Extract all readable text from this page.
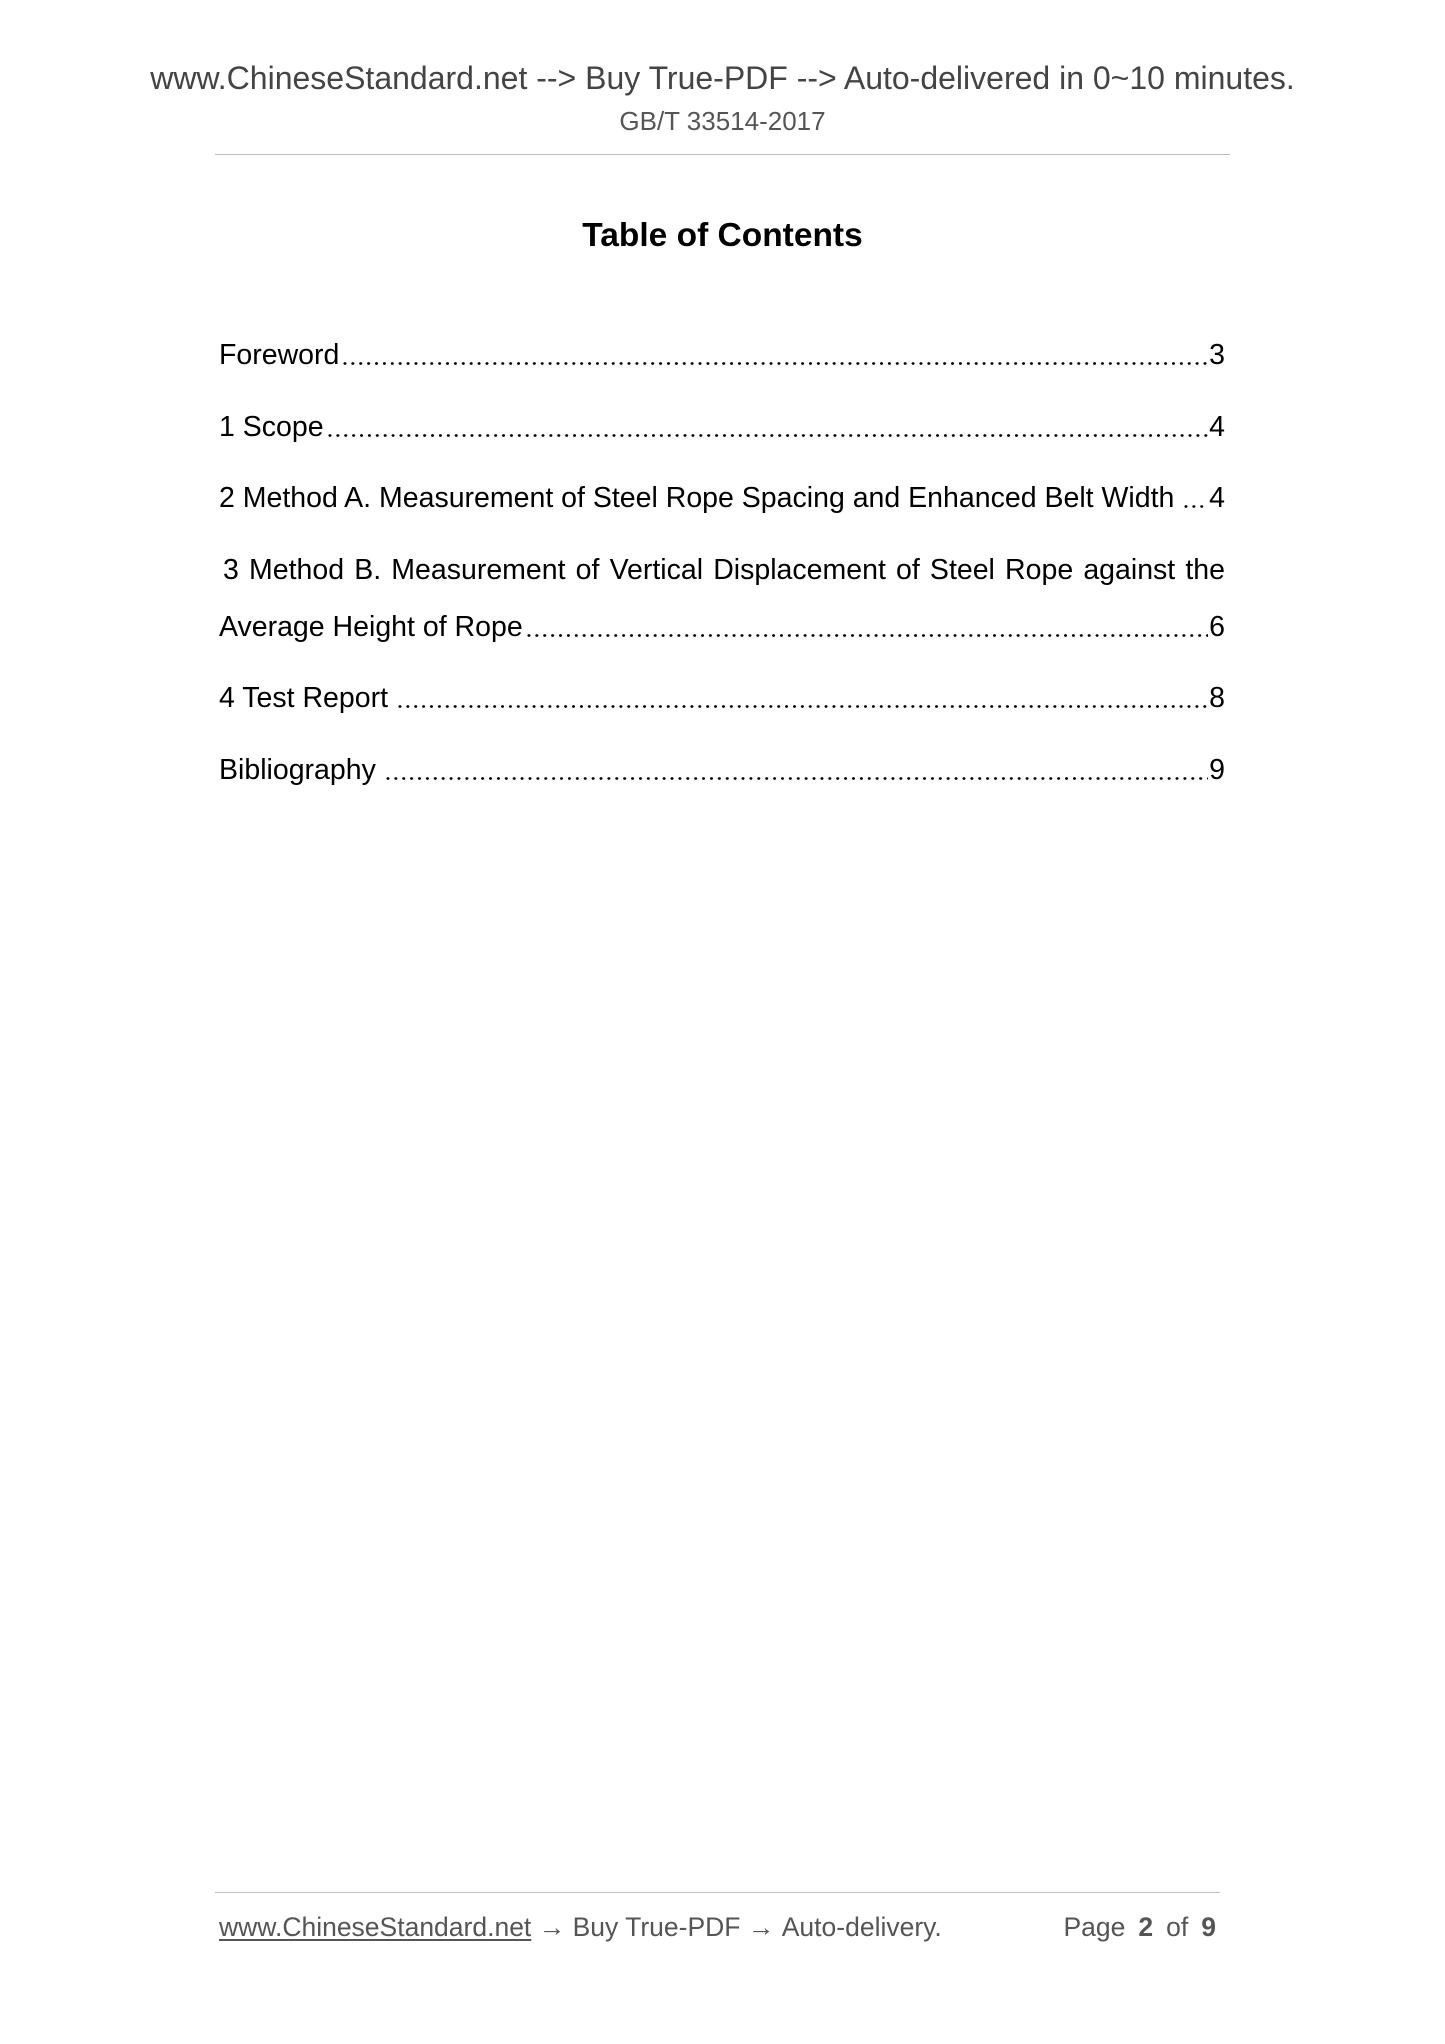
www.ChineseStandard.net --> Buy True-PDF --> Auto-delivered in 0~10 minutes.
GB/T 33514-2017
Table of Contents
Foreword	3
1 Scope	4
2 Method A. Measurement of Steel Rope Spacing and Enhanced Belt Width 4
3 Method B. Measurement of Vertical Displacement of Steel Rope against the
Average Height of Rope	6
4 Test Report	8
Bibliography	9
www.ChineseStandard.net → Buy True-PDF → Auto-delivery.	Page 2 of 9
